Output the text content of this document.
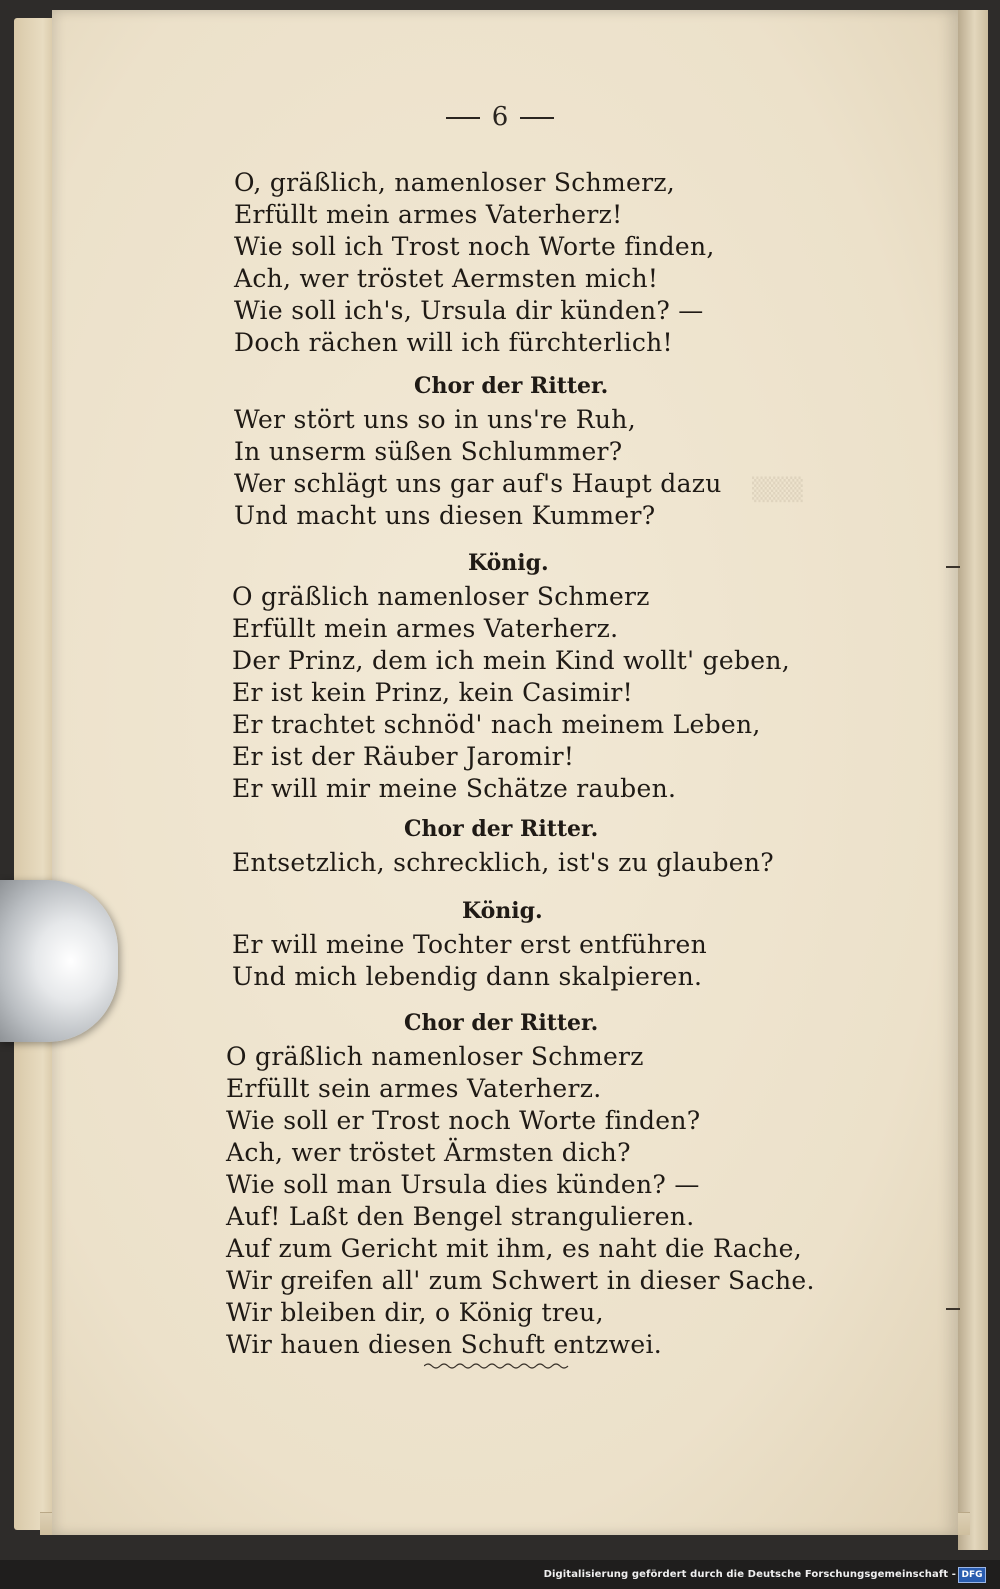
▒▒▒
6
O, gräßlich, namenloser Schmerz,
Erfüllt mein armes Vaterherz!
Wie soll ich Trost noch Worte finden,
Ach, wer tröstet Aermsten mich!
Wie soll ich's, Ursula dir künden? —
Doch rächen will ich fürchterlich!
Chor der Ritter.
Wer stört uns so in uns're Ruh,
In unserm süßen Schlummer?
Wer schlägt uns gar auf's Haupt dazu
Und macht uns diesen Kummer?
König.
O gräßlich namenloser Schmerz
Erfüllt mein armes Vaterherz.
Der Prinz, dem ich mein Kind wollt' geben,
Er ist kein Prinz, kein Casimir!
Er trachtet schnöd' nach meinem Leben,
Er ist der Räuber Jaromir!
Er will mir meine Schätze rauben.
Chor der Ritter.
Entsetzlich, schrecklich, ist's zu glauben?
König.
Er will meine Tochter erst entführen
Und mich lebendig dann skalpieren.
Chor der Ritter.
O gräßlich namenloser Schmerz
Erfüllt sein armes Vaterherz.
Wie soll er Trost noch Worte finden?
Ach, wer tröstet Ärmsten dich?
Wie soll man Ursula dies künden? —
Auf! Laßt den Bengel strangulieren.
Auf zum Gericht mit ihm, es naht die Rache,
Wir greifen all' zum Schwert in dieser Sache.
Wir bleiben dir, o König treu,
Wir hauen diesen Schuft entzwei.
Digitalisierung gefördert durch die Deutsche Forschungsgemeinschaft - DFG
